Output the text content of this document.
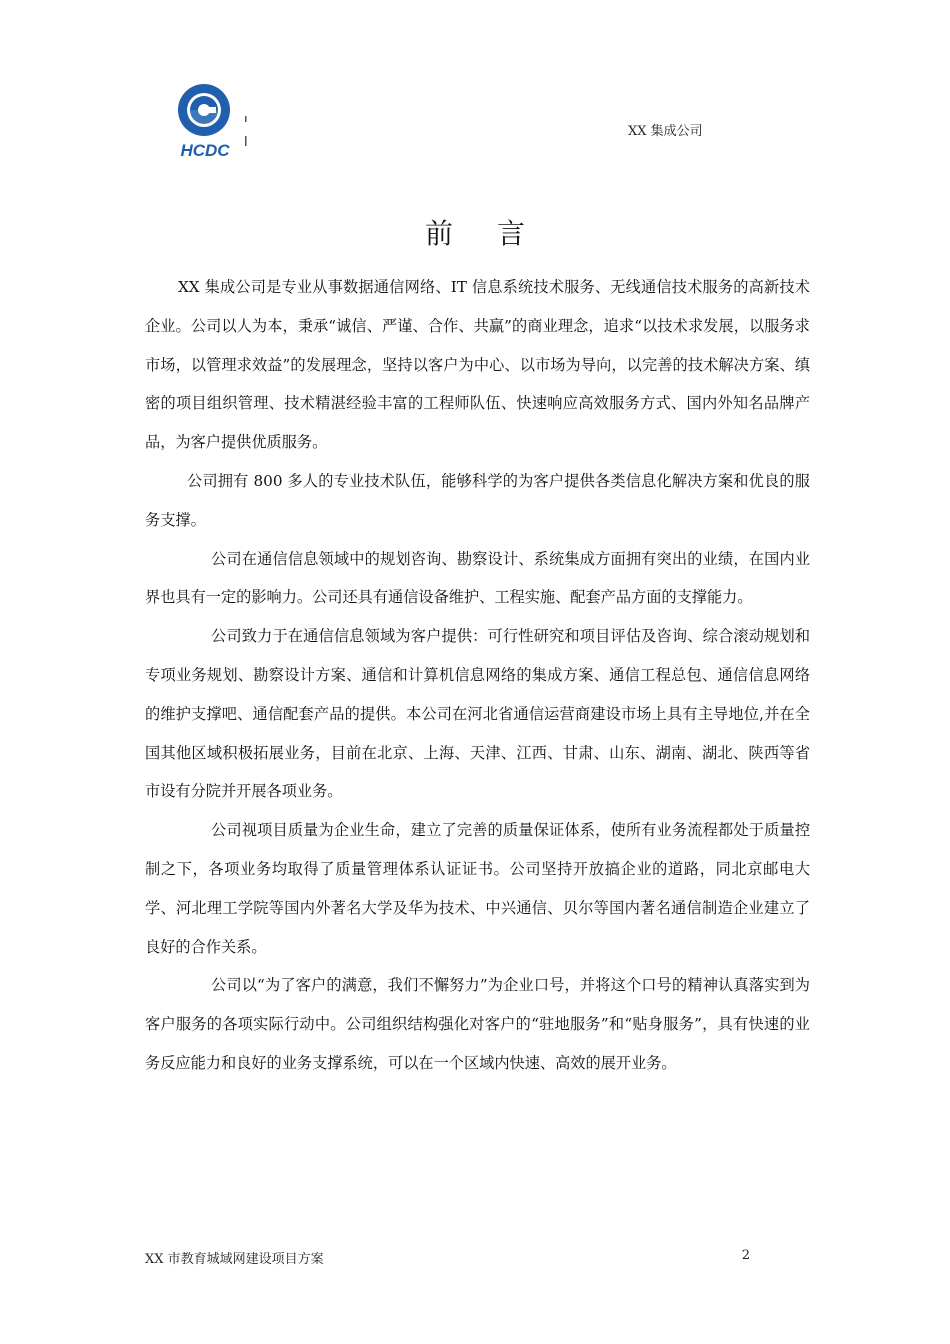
HCDC
XX 集成公司
前言

XX 集成公司是专业从事数据通信网络、IT 信息系统技术服务、无线通信技术服务的高新技术企业。公司以人为本，秉承“诚信、严谨、合作、共赢”的商业理念，追求“以技术求发展，以服务求市场，以管理求效益”的发展理念，坚持以客户为中心、以市场为导向，以完善的技术解决方案、缜密的项目组织管理、技术精湛经验丰富的工程师队伍、快速响应高效服务方式、国内外知名品牌产品，为客户提供优质服务。

公司拥有 800 多人的专业技术队伍，能够科学的为客户提供各类信息化解决方案和优良的服务支撑。

公司在通信信息领域中的规划咨询、勘察设计、系统集成方面拥有突出的业绩，在国内业界也具有一定的影响力。公司还具有通信设备维护、工程实施、配套产品方面的支撑能力。

公司致力于在通信信息领域为客户提供：可行性研究和项目评估及咨询、综合滚动规划和专项业务规划、勘察设计方案、通信和计算机信息网络的集成方案、通信工程总包、通信信息网络的维护支撑吧、通信配套产品的提供。本公司在河北省通信运营商建设市场上具有主导地位,并在全国其他区域积极拓展业务，目前在北京、上海、天津、江西、甘肃、山东、湖南、湖北、陕西等省市设有分院并开展各项业务。

公司视项目质量为企业生命，建立了完善的质量保证体系，使所有业务流程都处于质量控制之下，各项业务均取得了质量管理体系认证证书。公司坚持开放搞企业的道路，同北京邮电大学、河北理工学院等国内外著名大学及华为技术、中兴通信、贝尔等国内著名通信制造企业建立了良好的合作关系。

公司以“为了客户的满意，我们不懈努力”为企业口号，并将这个口号的精神认真落实到为客户服务的各项实际行动中。公司组织结构强化对客户的“驻地服务”和“贴身服务”，具有快速的业务反应能力和良好的业务支撑系统，可以在一个区域内快速、高效的展开业务。

XX 市教育城域网建设项目方案	2
